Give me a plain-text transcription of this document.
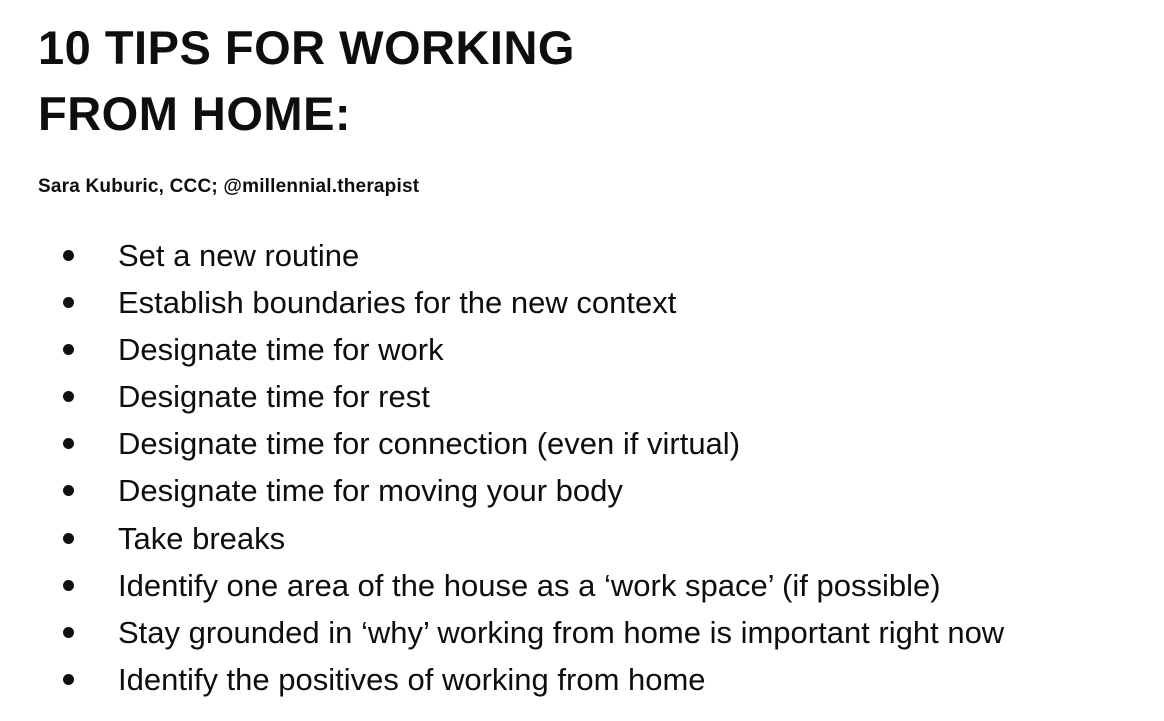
10 TIPS FOR WORKING
FROM HOME:
Sara Kuburic, CCC; @millennial.therapist
Set a new routine
Establish boundaries for the new context
Designate time for work
Designate time for rest
Designate time for connection (even if virtual)
Designate time for moving your body
Take breaks
Identify one area of the house as a ‘work space’ (if possible)
Stay grounded in ‘why’ working from home is important right now
Identify the positives of working from home
